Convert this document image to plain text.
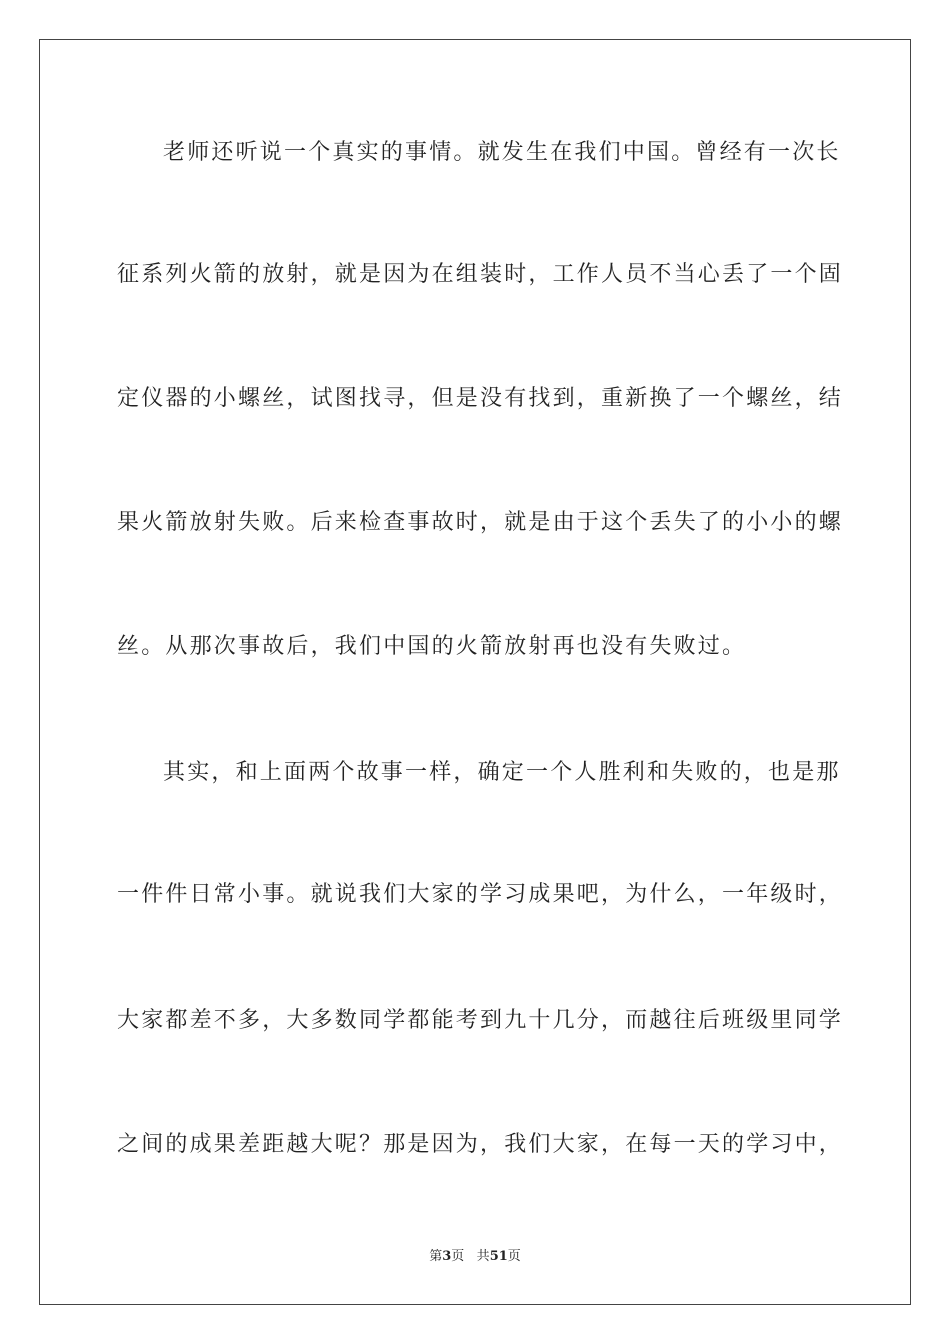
老师还听说一个真实的事情。就发生在我们中国。曾经有一次长
征系列火箭的放射，就是因为在组装时，工作人员不当心丢了一个固
定仪器的小螺丝，试图找寻，但是没有找到，重新换了一个螺丝，结
果火箭放射失败。后来检查事故时，就是由于这个丢失了的小小的螺
丝。从那次事故后，我们中国的火箭放射再也没有失败过。
其实，和上面两个故事一样，确定一个人胜利和失败的，也是那
一件件日常小事。就说我们大家的学习成果吧，为什么，一年级时，
大家都差不多，大多数同学都能考到九十几分，而越往后班级里同学
之间的成果差距越大呢？那是因为，我们大家，在每一天的学习中，
第3页 共51页
